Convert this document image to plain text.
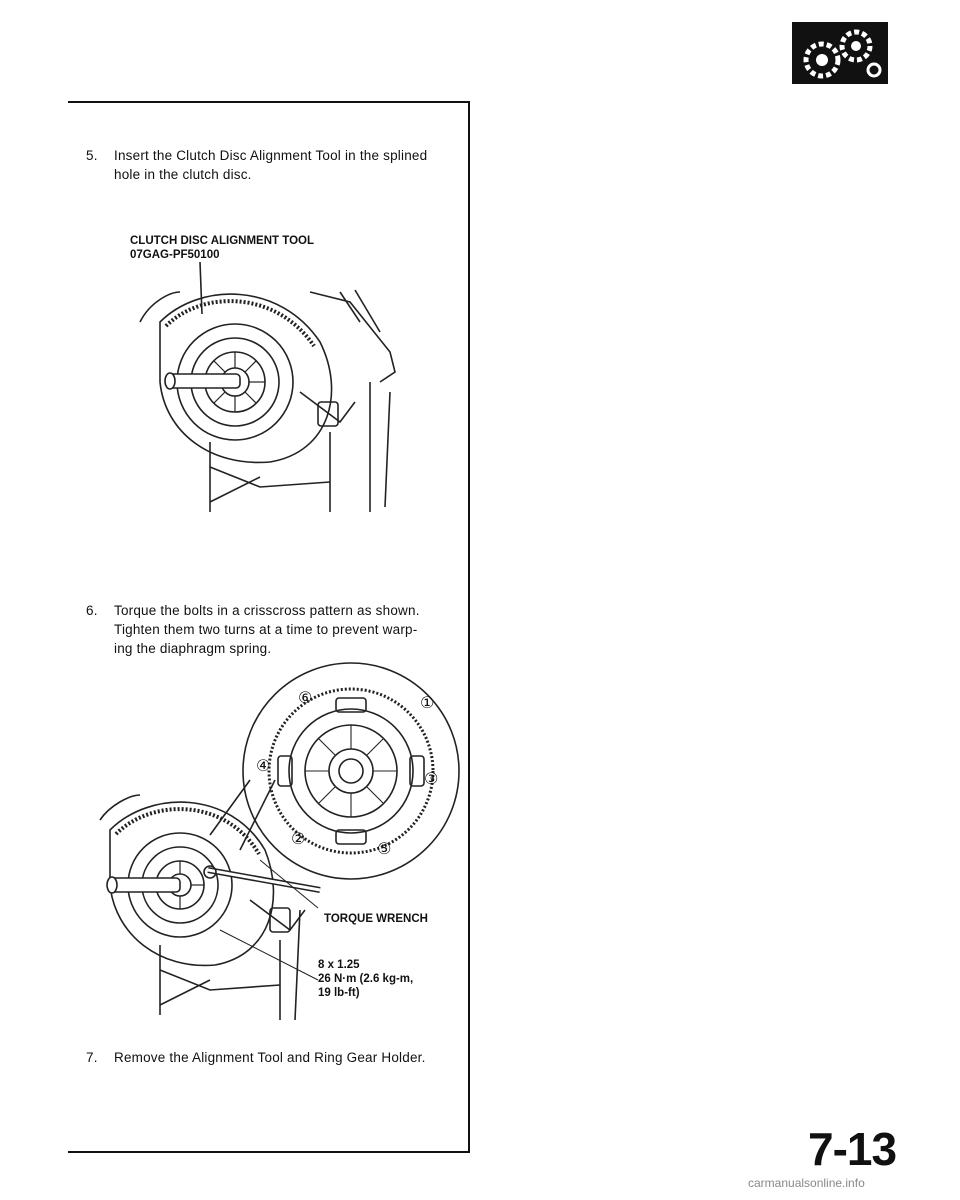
5. Insert the Clutch Disc Alignment Tool in the splined
hole in the clutch disc.
CLUTCH DISC ALIGNMENT TOOL
07GAG-PF50100
6. Torque the bolts in a crisscross pattern as shown.
Tighten them two turns at a time to prevent warp-
ing the diaphragm spring.
⑥	①
④
③
②
⑤
TORQUE WRENCH
8 x 1.25
26 N·m (2.6 kg-m,
19 lb-ft)
7. Remove the Alignment Tool and Ring Gear Holder.
7-13
carmanualsonline.info
